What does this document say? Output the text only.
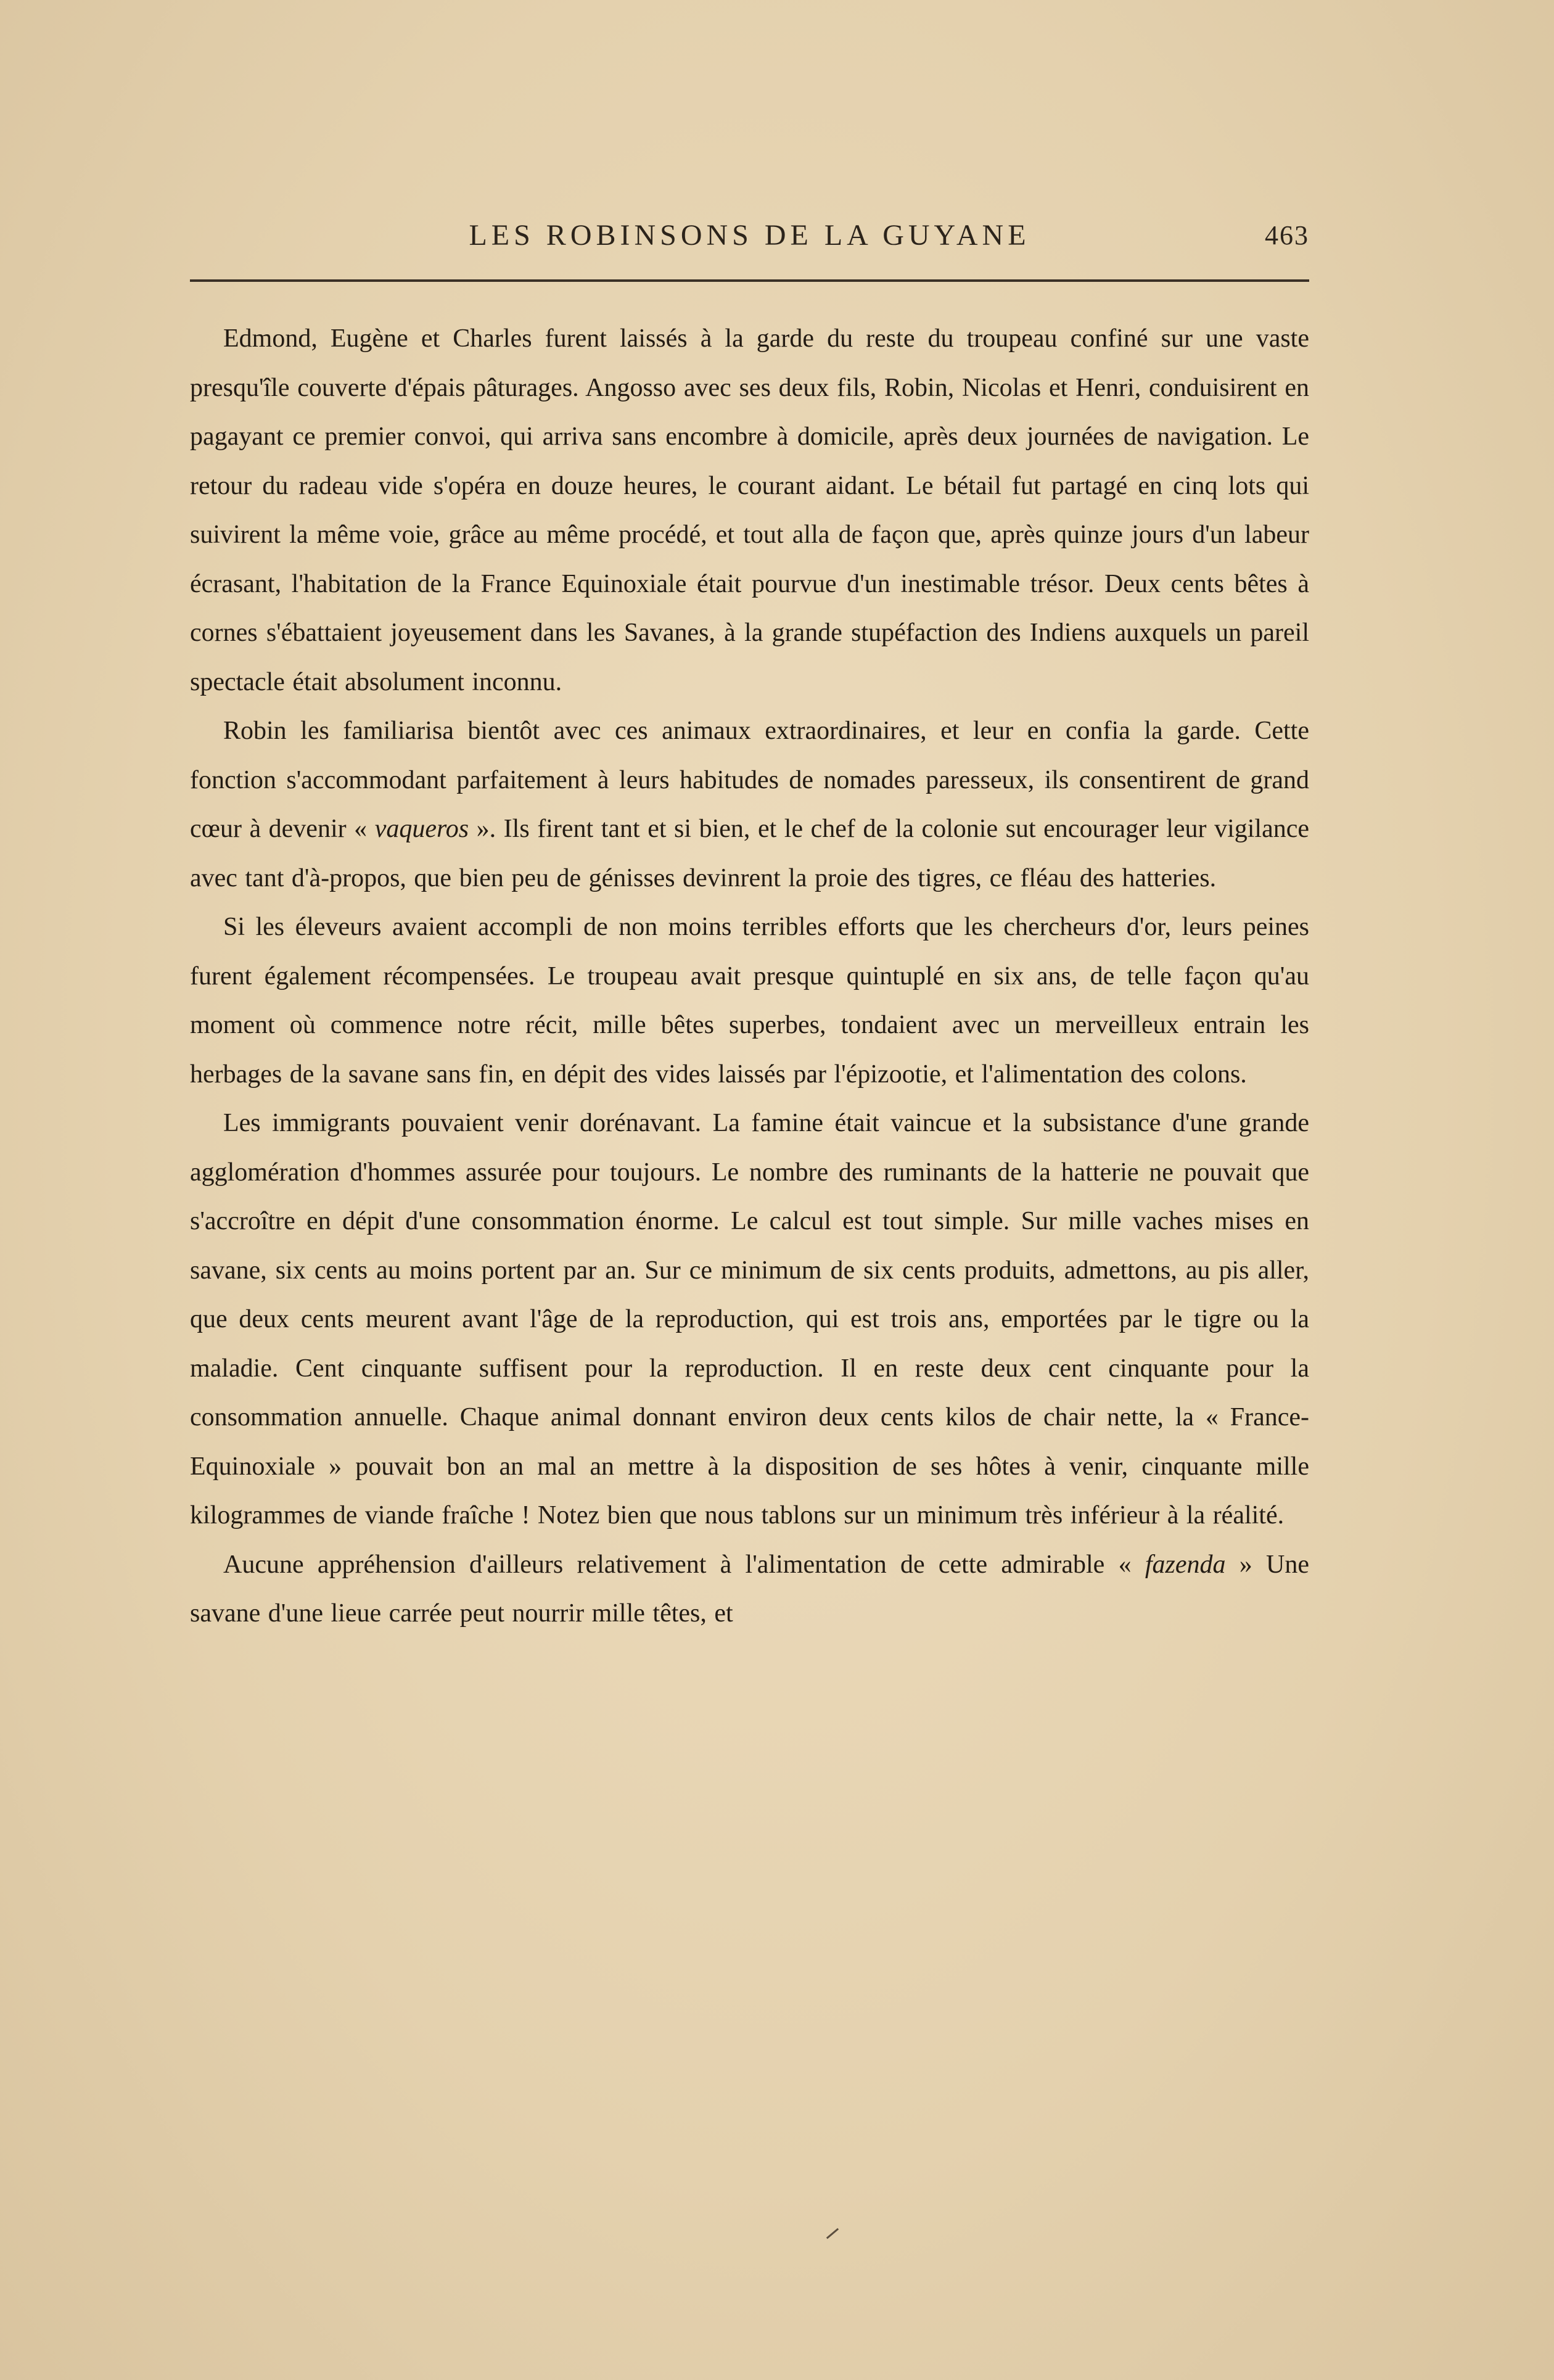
LES ROBINSONS DE LA GUYANE	463

Edmond, Eugène et Charles furent laissés à la garde du reste du troupeau confiné sur une vaste presqu'île couverte d'épais pâturages. Angosso avec ses deux fils, Robin, Nicolas et Henri, conduisirent en pagayant ce premier convoi, qui arriva sans encombre à domicile, après deux journées de navigation. Le retour du radeau vide s'opéra en douze heures, le courant aidant. Le bétail fut partagé en cinq lots qui suivirent la même voie, grâce au même procédé, et tout alla de façon que, après quinze jours d'un labeur écrasant, l'habitation de la France Equinoxiale était pourvue d'un inestimable trésor. Deux cents bêtes à cornes s'ébattaient joyeusement dans les Savanes, à la grande stupéfaction des Indiens auxquels un pareil spectacle était absolument inconnu.

Robin les familiarisa bientôt avec ces animaux extraordinaires, et leur en confia la garde. Cette fonction s'accommodant parfaitement à leurs habitudes de nomades paresseux, ils consentirent de grand cœur à devenir « vaqueros ». Ils firent tant et si bien, et le chef de la colonie sut encourager leur vigilance avec tant d'à-propos, que bien peu de génisses devinrent la proie des tigres, ce fléau des hatteries.

Si les éleveurs avaient accompli de non moins terribles efforts que les chercheurs d'or, leurs peines furent également récompensées. Le troupeau avait presque quintuplé en six ans, de telle façon qu'au moment où commence notre récit, mille bêtes superbes, tondaient avec un merveilleux entrain les herbages de la savane sans fin, en dépit des vides laissés par l'épizootie, et l'alimentation des colons.

Les immigrants pouvaient venir dorénavant. La famine était vaincue et la subsistance d'une grande agglomération d'hommes assurée pour toujours. Le nombre des ruminants de la hatterie ne pouvait que s'accroître en dépit d'une consommation énorme. Le calcul est tout simple. Sur mille vaches mises en savane, six cents au moins portent par an. Sur ce minimum de six cents produits, admettons, au pis aller, que deux cents meurent avant l'âge de la reproduction, qui est trois ans, emportées par le tigre ou la maladie. Cent cinquante suffisent pour la reproduction. Il en reste deux cent cinquante pour la consommation annuelle. Chaque animal donnant environ deux cents kilos de chair nette, la « France-Equinoxiale » pouvait bon an mal an mettre à la disposition de ses hôtes à venir, cinquante mille kilogrammes de viande fraîche ! Notez bien que nous tablons sur un minimum très inférieur à la réalité.

Aucune appréhension d'ailleurs relativement à l'alimentation de cette admirable « fazenda » Une savane d'une lieue carrée peut nourrir mille têtes, et
